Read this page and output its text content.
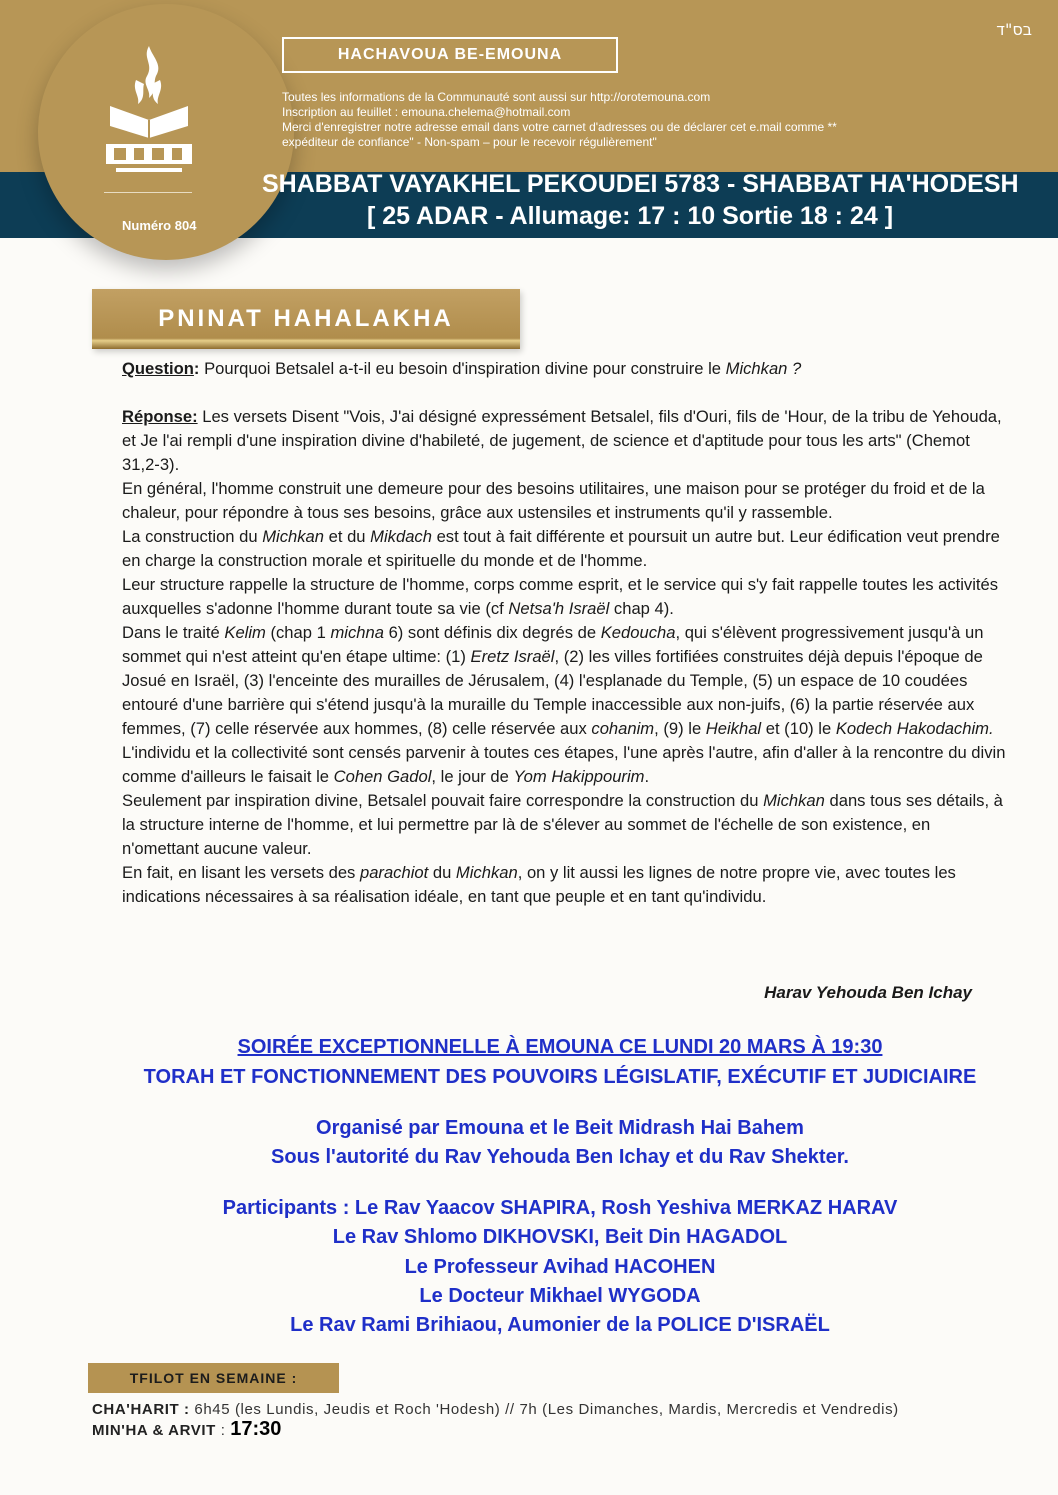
בס"ד
Numéro 804
HACHAVOUA BE-EMOUNA
Toutes les informations de la Communauté sont aussi sur http://orotemouna.com
Inscription au feuillet : emouna.chelema@hotmail.com
Merci d'enregistrer notre adresse email dans votre carnet d'adresses ou de déclarer cet e.mail comme **
expéditeur de confiance" - Non-spam – pour le recevoir régulièrement"
SHABBAT VAYAKHEL PEKOUDEI 5783 - SHABBAT HA'HODESH
[ 25 ADAR - Allumage: 17 : 10 Sortie 18 : 24 ]
PNINAT HAHALAKHA

Question: Pourquoi Betsalel a-t-il eu besoin d'inspiration divine pour construire le Michkan ?

Réponse: Les versets Disent "Vois, J'ai désigné expressément Betsalel, fils d'Ouri, fils de 'Hour, de la tribu de Yehouda, et Je l'ai rempli d'une inspiration divine d'habileté, de jugement, de science et d'aptitude pour tous les arts" (Chemot 31,2-3).

En général, l'homme construit une demeure pour des besoins utilitaires, une maison pour se protéger du froid et de la chaleur, pour répondre à tous ses besoins, grâce aux ustensiles et instruments qu'il y rassemble.

La construction du Michkan et du Mikdach est tout à fait différente et poursuit un autre but. Leur édification veut prendre en charge la construction morale et spirituelle du monde et de l'homme.

Leur structure rappelle la structure de l'homme, corps comme esprit, et le service qui s'y fait rappelle toutes les activités auxquelles s'adonne l'homme durant toute sa vie (cf Netsa'h Israël chap 4).

Dans le traité Kelim (chap 1 michna 6) sont définis dix degrés de Kedoucha, qui s'élèvent progressivement jusqu'à un sommet qui n'est atteint qu'en étape ultime: (1) Eretz Israël, (2) les villes fortifiées construites déjà depuis l'époque de Josué en Israël, (3) l'enceinte des murailles de Jérusalem, (4) l'esplanade du Temple, (5) un espace de 10 coudées entouré d'une barrière qui s'étend jusqu'à la muraille du Temple inaccessible aux non-juifs, (6) la partie réservée aux femmes, (7) celle réservée aux hommes, (8) celle réservée aux cohanim, (9) le Heikhal et (10) le Kodech Hakodachim.

L'individu et la collectivité sont censés parvenir à toutes ces étapes, l'une après l'autre, afin d'aller à la rencontre du divin comme d'ailleurs le faisait le Cohen Gadol, le jour de Yom Hakippourim.

Seulement par inspiration divine, Betsalel pouvait faire correspondre la construction du Michkan dans tous ses détails, à la structure interne de l'homme, et lui permettre par là de s'élever au sommet de l'échelle de son existence, en n'omettant aucune valeur.

En fait, en lisant les versets des parachiot du Michkan, on y lit aussi les lignes de notre propre vie, avec toutes les indications nécessaires à sa réalisation idéale, en tant que peuple et en tant qu'individu.

Harav Yehouda Ben Ichay
SOIRÉE EXCEPTIONNELLE À EMOUNA CE LUNDI 20 MARS À 19:30
TORAH ET FONCTIONNEMENT DES POUVOIRS LÉGISLATIF, EXÉCUTIF ET JUDICIAIRE
Organisé par Emouna et le Beit Midrash Hai Bahem
Sous l'autorité du Rav Yehouda Ben Ichay et du Rav Shekter.
Participants : Le Rav Yaacov SHAPIRA, Rosh Yeshiva MERKAZ HARAV
Le Rav Shlomo DIKHOVSKI, Beit Din HAGADOL
Le Professeur Avihad HACOHEN
Le Docteur Mikhael WYGODA
Le Rav Rami Brihiaou, Aumonier de la POLICE D'ISRAËL
TFILOT EN SEMAINE :
CHA'HARIT : 6h45 (les Lundis, Jeudis et Roch 'Hodesh) // 7h (Les Dimanches, Mardis, Mercredis et Vendredis)
MIN'HA & ARVIT : 17:30
